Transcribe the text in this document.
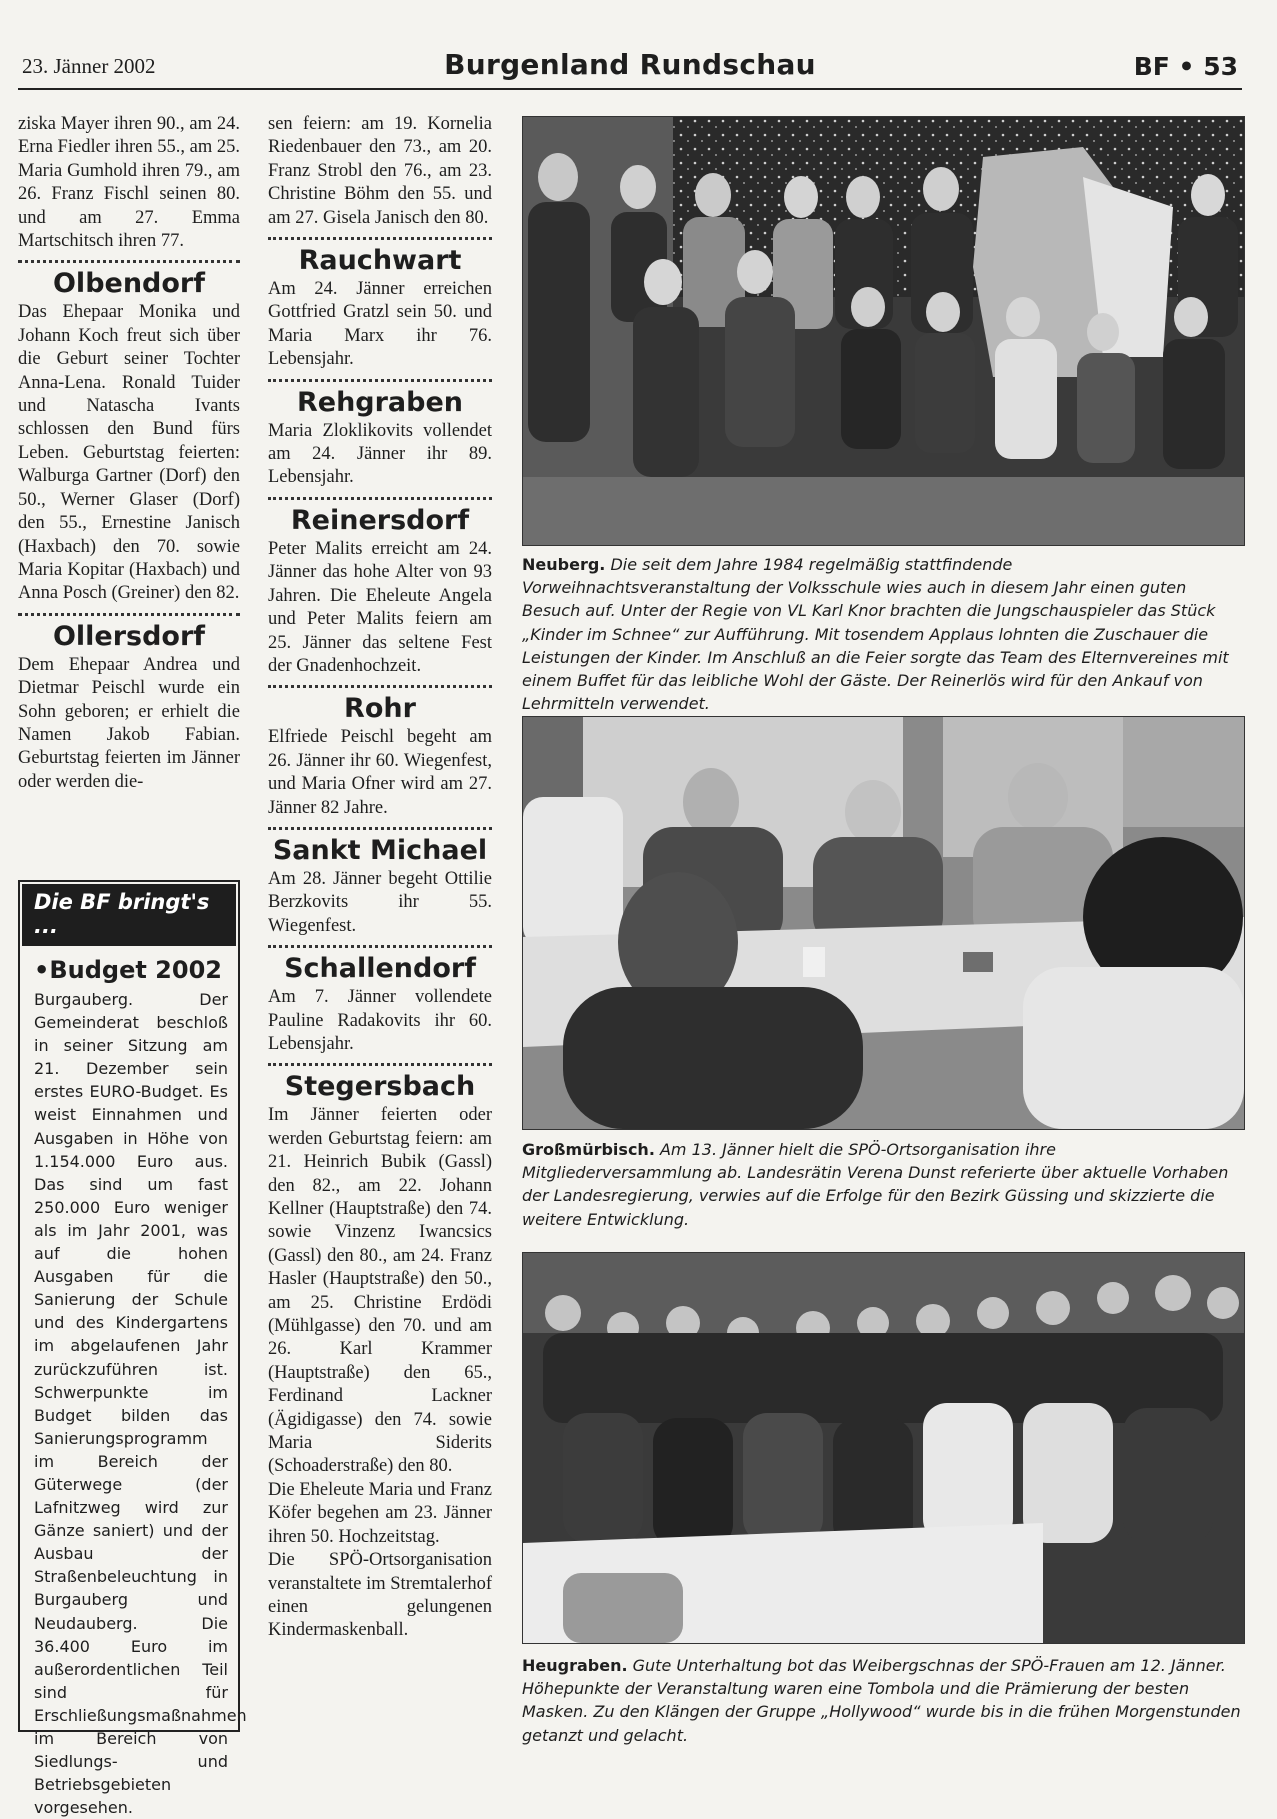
23. Jänner 2002	Burgenland Rundschau	BF • 53

ziska Mayer ihren 90., am 24. Erna Fiedler ihren 55., am 25. Maria Gumhold ihren 79., am 26. Franz Fischl seinen 80. und am 27. Emma Martschitsch ihren 77.

Olbendorf

Das Ehepaar Monika und Johann Koch freut sich über die Geburt seiner Tochter Anna-Lena. Ronald Tuider und Natascha Ivants schlossen den Bund fürs Leben. Geburtstag feierten: Walburga Gartner (Dorf) den 50., Werner Glaser (Dorf) den 55., Ernestine Janisch (Haxbach) den 70. sowie Maria Kopitar (Haxbach) und Anna Posch (Greiner) den 82.

Ollersdorf

Dem Ehepaar Andrea und Dietmar Peischl wurde ein Sohn geboren; er erhielt die Namen Jakob Fabian. Geburtstag feierten im Jänner oder werden die-

Die BF bringt's ...
•Budget 2002

Burgauberg. Der Gemeinderat beschloß in seiner Sitzung am 21. Dezember sein erstes EURO-Budget. Es weist Einnahmen und Ausgaben in Höhe von 1.154.000 Euro aus. Das sind um fast 250.000 Euro weniger als im Jahr 2001, was auf die hohen Ausgaben für die Sanierung der Schule und des Kindergartens im abgelaufenen Jahr zurückzuführen ist. Schwerpunkte im Budget bilden das Sanierungsprogramm im Bereich der Güterwege (der Lafnitzweg wird zur Gänze saniert) und der Ausbau der Straßenbeleuchtung in Burgauberg und Neudauberg. Die 36.400 Euro im außerordentlichen Teil sind für Erschließungsmaßnahmen im Bereich von Siedlungs- und Betriebsgebieten vorgesehen.

sen feiern: am 19. Kornelia Riedenbauer den 73., am 20. Franz Strobl den 76., am 23. Christine Böhm den 55. und am 27. Gisela Janisch den 80.

Rauchwart

Am 24. Jänner erreichen Gottfried Gratzl sein 50. und Maria Marx ihr 76. Lebensjahr.

Rehgraben

Maria Zloklikovits vollendet am 24. Jänner ihr 89. Lebensjahr.

Reinersdorf

Peter Malits erreicht am 24. Jänner das hohe Alter von 93 Jahren. Die Eheleute Angela und Peter Malits feiern am 25. Jänner das seltene Fest der Gnadenhochzeit.

Rohr

Elfriede Peischl begeht am 26. Jänner ihr 60. Wiegenfest, und Maria Ofner wird am 27. Jänner 82 Jahre.

Sankt Michael

Am 28. Jänner begeht Ottilie Berzkovits ihr 55. Wiegenfest.

Schallendorf

Am 7. Jänner vollendete Pauline Radakovits ihr 60. Lebensjahr.

Stegersbach

Im Jänner feierten oder werden Geburtstag feiern: am 21. Heinrich Bubik (Gassl) den 82., am 22. Johann Kellner (Hauptstraße) den 74. sowie Vinzenz Iwancsics (Gassl) den 80., am 24. Franz Hasler (Hauptstraße) den 50., am 25. Christine Erdödi (Mühlgasse) den 70. und am 26. Karl Krammer (Hauptstraße) den 65., Ferdinand Lackner (Ägidigasse) den 74. sowie Maria Siderits (Schoaderstraße) den 80.

Die Eheleute Maria und Franz Köfer begehen am 23. Jänner ihren 50. Hochzeitstag.

Die SPÖ-Ortsorganisation veranstaltete im Stremtalerhof einen gelungenen Kindermaskenball.

Neuberg. Die seit dem Jahre 1984 regelmäßig stattfindende Vorweihnachtsveranstaltung der Volksschule wies auch in diesem Jahr einen guten Besuch auf. Unter der Regie von VL Karl Knor brachten die Jungschauspieler das Stück „Kinder im Schnee“ zur Aufführung. Mit tosendem Applaus lohnten die Zuschauer die Leistungen der Kinder. Im Anschluß an die Feier sorgte das Team des Elternvereines mit einem Buffet für das leibliche Wohl der Gäste. Der Reinerlös wird für den Ankauf von Lehrmitteln verwendet.

Großmürbisch. Am 13. Jänner hielt die SPÖ-Ortsorganisation ihre Mitgliederversammlung ab. Landesrätin Verena Dunst referierte über aktuelle Vorhaben der Landesregierung, verwies auf die Erfolge für den Bezirk Güssing und skizzierte die weitere Entwicklung.

Heugraben. Gute Unterhaltung bot das Weibergschnas der SPÖ-Frauen am 12. Jänner. Höhepunkte der Veranstaltung waren eine Tombola und die Prämierung der besten Masken. Zu den Klängen der Gruppe „Hollywood“ wurde bis in die frühen Morgenstunden getanzt und gelacht.
